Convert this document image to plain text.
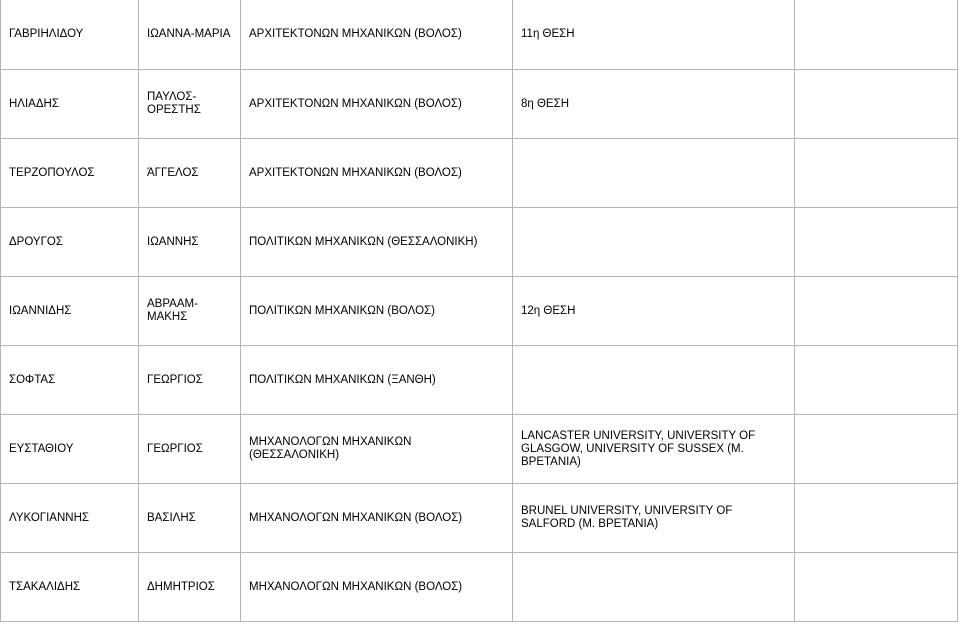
ΓΑΒΡΙΗΛΙΔΟΥ	ΙΩΑΝΝΑ-ΜΑΡΙΑ	ΑΡΧΙΤΕΚΤΟΝΩΝ ΜΗΧΑΝΙΚΩΝ (ΒΟΛΟΣ)	11η ΘΕΣΗ	
ΗΛΙΑΔΗΣ	ΠΑΥΛΟΣ-ΟΡΕΣΤΗΣ	ΑΡΧΙΤΕΚΤΟΝΩΝ ΜΗΧΑΝΙΚΩΝ (ΒΟΛΟΣ)	8η ΘΕΣΗ	
ΤΕΡΖΟΠΟΥΛΟΣ	ΆΓΓΕΛΟΣ	ΑΡΧΙΤΕΚΤΟΝΩΝ ΜΗΧΑΝΙΚΩΝ (ΒΟΛΟΣ)		
ΔΡΟΥΓΟΣ	ΙΩΑΝΝΗΣ	ΠΟΛΙΤΙΚΩΝ ΜΗΧΑΝΙΚΩΝ (ΘΕΣΣΑΛΟΝΙΚΗ)		
ΙΩΑΝΝΙΔΗΣ	ΑΒΡΑΑΜ-ΜΑΚΗΣ	ΠΟΛΙΤΙΚΩΝ ΜΗΧΑΝΙΚΩΝ (ΒΟΛΟΣ)	12η ΘΕΣΗ	
ΣΟΦΤΑΣ	ΓΕΩΡΓΙΟΣ	ΠΟΛΙΤΙΚΩΝ ΜΗΧΑΝΙΚΩΝ (ΞΑΝΘΗ)		
ΕΥΣΤΑΘΙΟΥ	ΓΕΩΡΓΙΟΣ	ΜΗΧΑΝΟΛΟΓΩΝ ΜΗΧΑΝΙΚΩΝ (ΘΕΣΣΑΛΟΝΙΚΗ)	LANCASTER UNIVERSITY, UNIVERSITY OF GLASGOW, UNIVERSITY OF SUSSEX (Μ. ΒΡΕΤΑΝΙΑ)	
ΛΥΚΟΓΙΑΝΝΗΣ	ΒΑΣΙΛΗΣ	ΜΗΧΑΝΟΛΟΓΩΝ ΜΗΧΑΝΙΚΩΝ (ΒΟΛΟΣ)	BRUNEL UNIVERSITY, UNIVERSITY OF SALFORD (Μ. ΒΡΕΤΑΝΙΑ)	
ΤΣΑΚΑΛΙΔΗΣ	ΔΗΜΗΤΡΙΟΣ	ΜΗΧΑΝΟΛΟΓΩΝ ΜΗΧΑΝΙΚΩΝ (ΒΟΛΟΣ)		
